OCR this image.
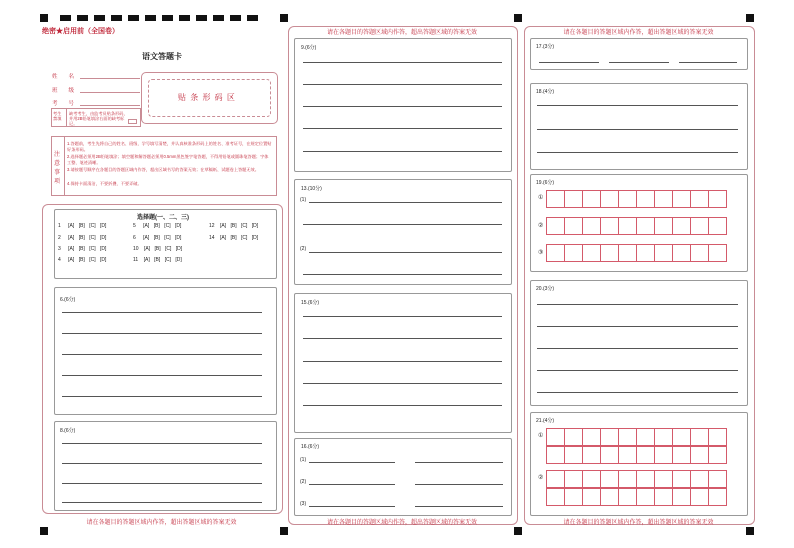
绝密★启用前（全国卷）
语文答题卡
姓　　名
班　　级
考　　号
贴 条 形 码 区
考生禁填
缺考考生，由监考员贴条形码，并用2B铅笔填涂右面的缺考标记。
注意事项
1.答题前，考生先将自己的姓名、班级、学号填写清楚，并认真核准条形码上的姓名、准考证号，在规定位置贴好条形码。
2.选择题必须用2B铅笔填涂；填空题和解答题必须用0.5mm黑色签字笔答题，不得用铅笔或圆珠笔答题；字体工整、笔迹清晰。
3.请按题号顺序在各题目的答题区域内作答，超出区域书写的答案无效；在草稿纸、试题卷上答题无效。
4.保持卡面清洁，不要折叠、不要弄破。
选择题(一、二、三)
1 [A] [B] [C] [D]
2 [A] [B] [C] [D]
3 [A] [B] [C] [D]
4 [A] [B] [C] [D]
5 [A] [B] [C] [D]
6 [A] [B] [C] [D]
10 [A] [B] [C] [D]
11 [A] [B] [C] [D]
12 [A] [B] [C] [D]
14 [A] [B] [C] [D]
6.(6分)
8.(6分)
请在各题目的答题区域内作答，超出答题区域的答案无效
请在各题目的答题区域内作答，超出答题区域的答案无效
9.(6分)
13.(10分)
(1)
(2)
15.(6分)
16.(6分)
(1)
(2)
(3)
请在各题目的答题区域内作答，超出答题区域的答案无效
请在各题目的答题区域内作答，超出答题区域的答案无效
17.(3分)
18.(4分)
19.(6分)
①
②
③
20.(3分)
21.(4分)
①
②
请在各题目的答题区域内作答，超出答题区域的答案无效
